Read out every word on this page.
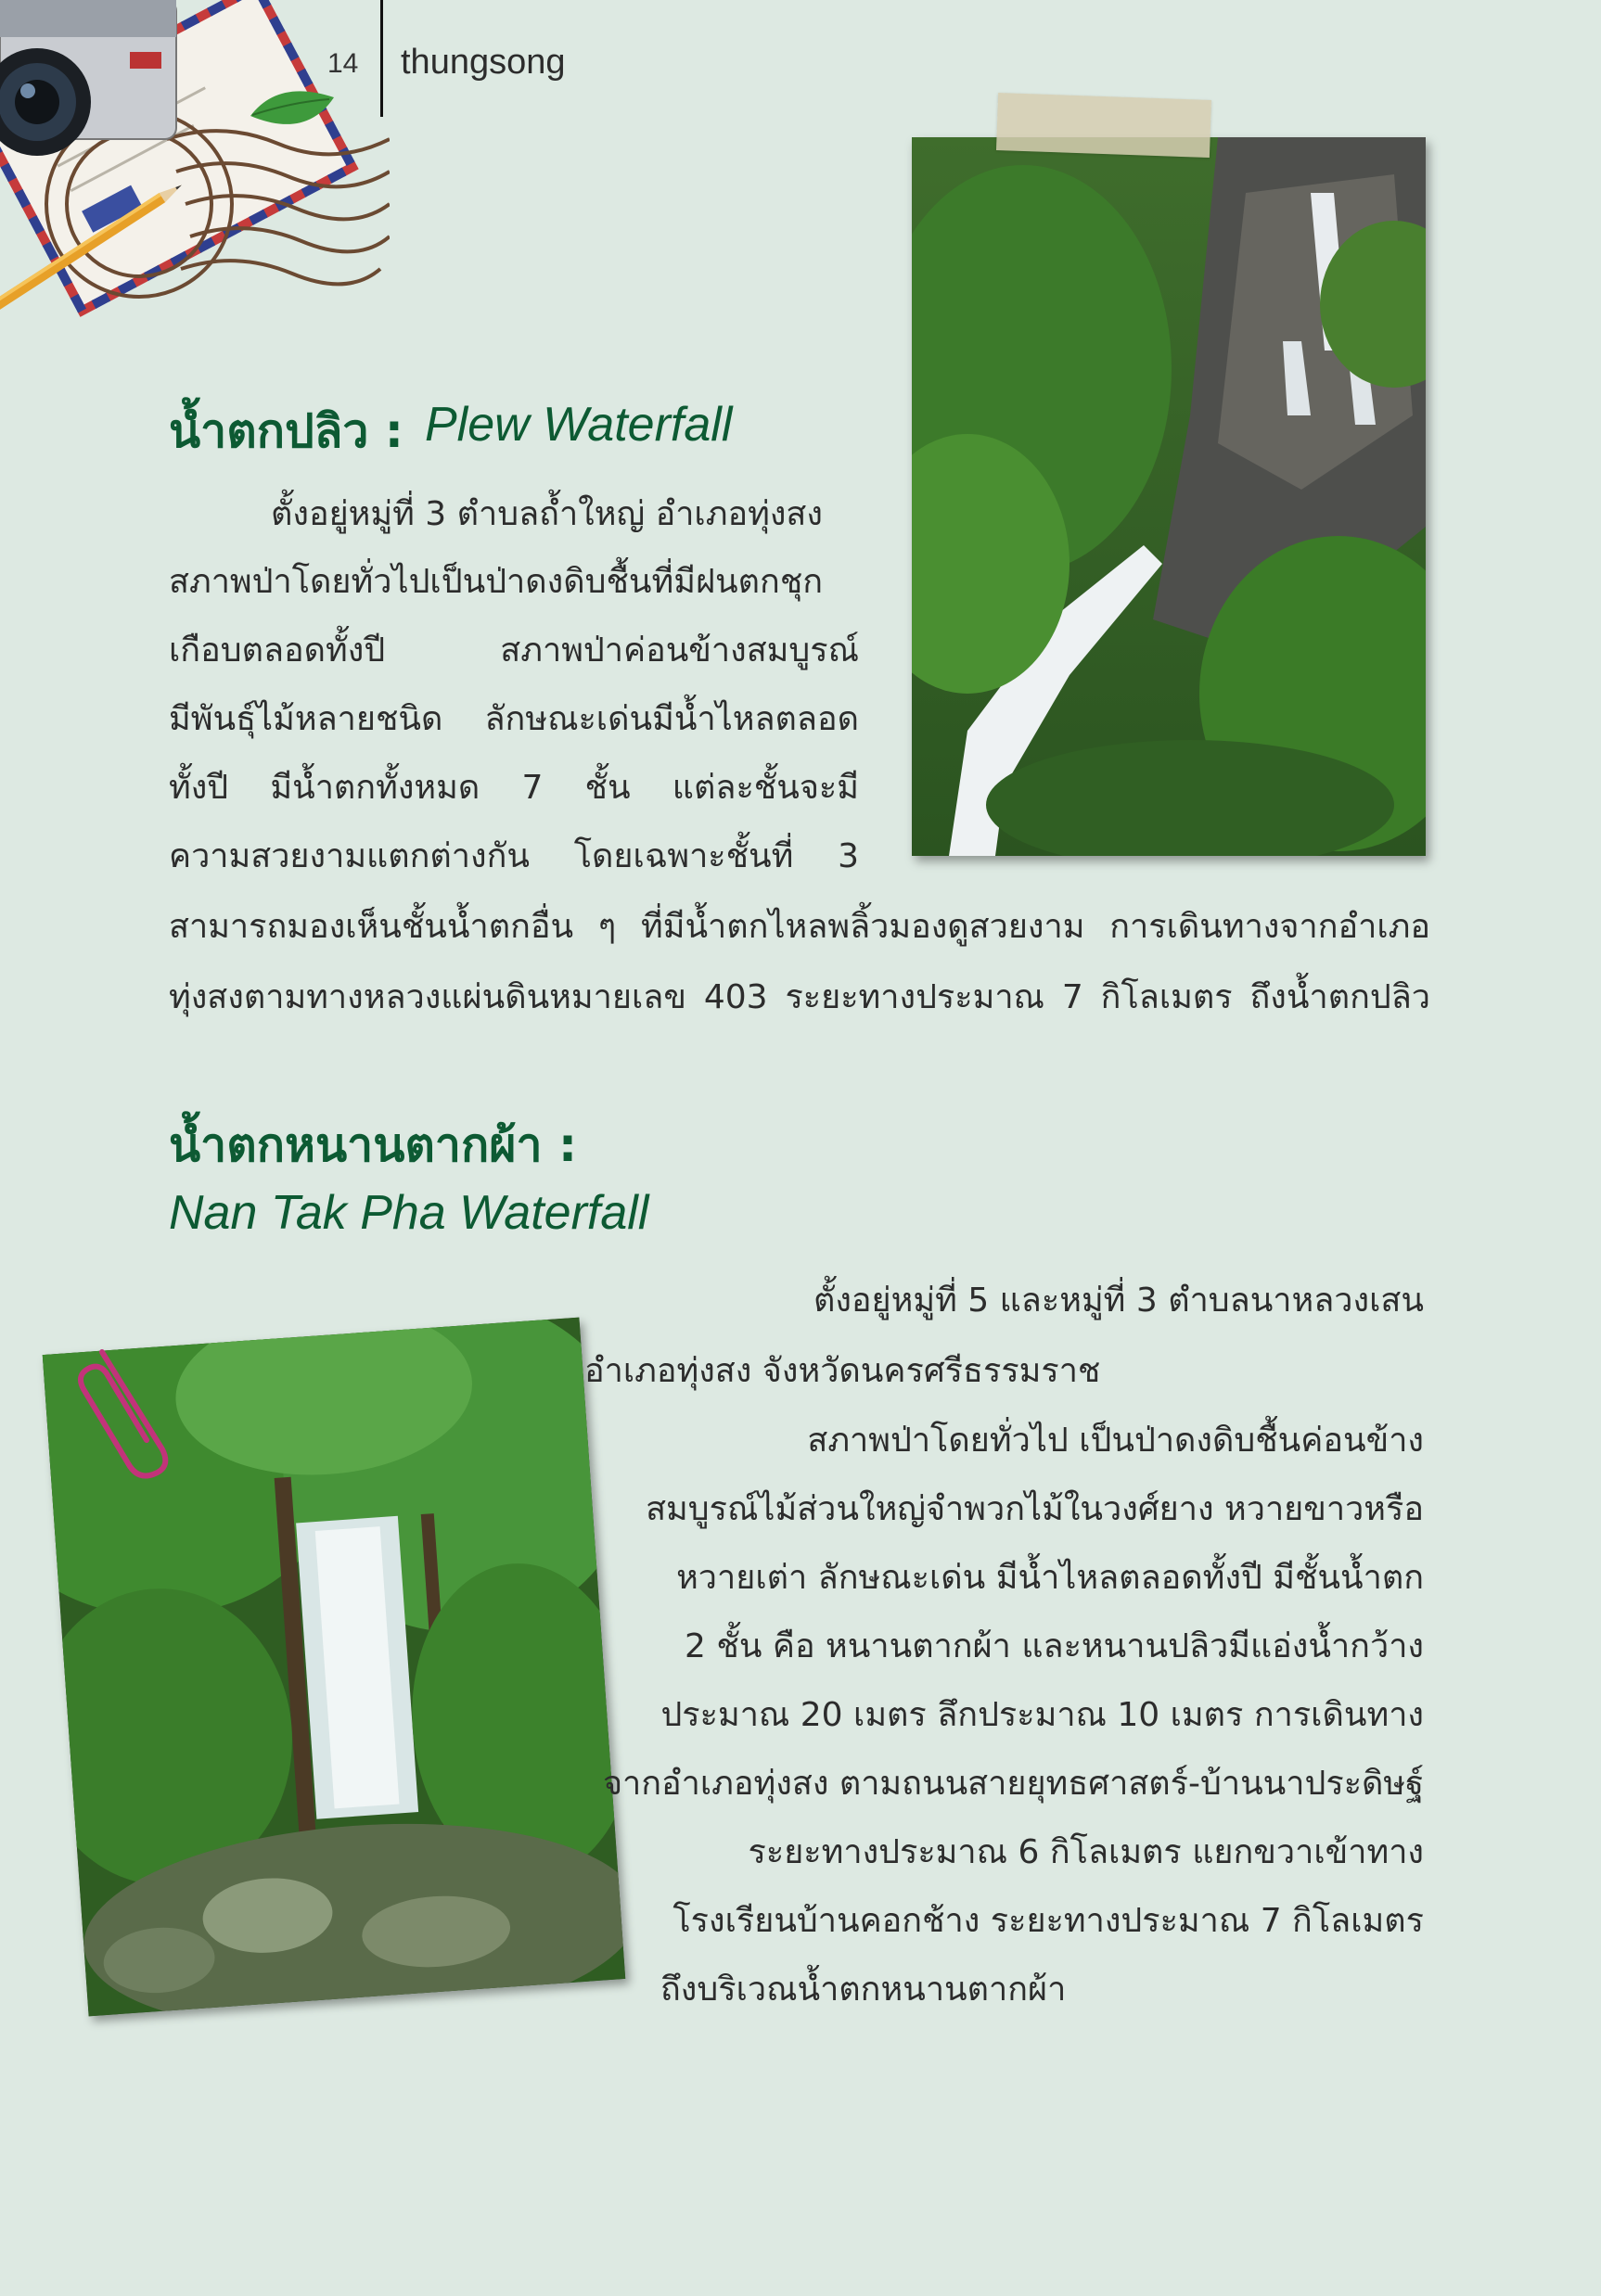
14 thungsong
น้ำตกปลิว : Plew Waterfall
ตั้งอยู่หมู่ที่ 3 ตำบลถ้ำใหญ่ อำเภอทุ่งสง
สภาพป่าโดยทั่วไปเป็นป่าดงดิบชื้นที่มีฝนตกชุก
เกือบตลอดทั้งปี สภาพป่าค่อนข้างสมบูรณ์
มีพันธุ์ไม้หลายชนิด ลักษณะเด่นมีน้ำไหลตลอด
ทั้งปี มีน้ำตกทั้งหมด 7 ชั้น แต่ละชั้นจะมี
ความสวยงามแตกต่างกัน โดยเฉพาะชั้นที่ 3
สามารถมองเห็นชั้นน้ำตกอื่น ๆ ที่มีน้ำตกไหลพลิ้วมองดูสวยงาม การเดินทางจากอำเภอ
ทุ่งสงตามทางหลวงแผ่นดินหมายเลข 403 ระยะทางประมาณ 7 กิโลเมตร ถึงน้ำตกปลิว
น้ำตกหนานตากผ้า :
Nan Tak Pha Waterfall
ตั้งอยู่หมู่ที่ 5 และหมู่ที่ 3 ตำบลนาหลวงเสน
อำเภอทุ่งสง จังหวัดนครศรีธรรมราช
สภาพป่าโดยทั่วไป เป็นป่าดงดิบชื้นค่อนข้าง
สมบูรณ์ไม้ส่วนใหญ่จำพวกไม้ในวงศ์ยาง หวายขาวหรือ
หวายเต่า ลักษณะเด่น มีน้ำไหลตลอดทั้งปี มีชั้นน้ำตก
2 ชั้น คือ หนานตากผ้า และหนานปลิวมีแอ่งน้ำกว้าง
ประมาณ 20 เมตร ลึกประมาณ 10 เมตร การเดินทาง
จากอำเภอทุ่งสง ตามถนนสายยุทธศาสตร์-บ้านนาประดิษฐ์
ระยะทางประมาณ 6 กิโลเมตร แยกขวาเข้าทาง
โรงเรียนบ้านคอกช้าง ระยะทางประมาณ 7 กิโลเมตร
ถึงบริเวณน้ำตกหนานตากผ้า
